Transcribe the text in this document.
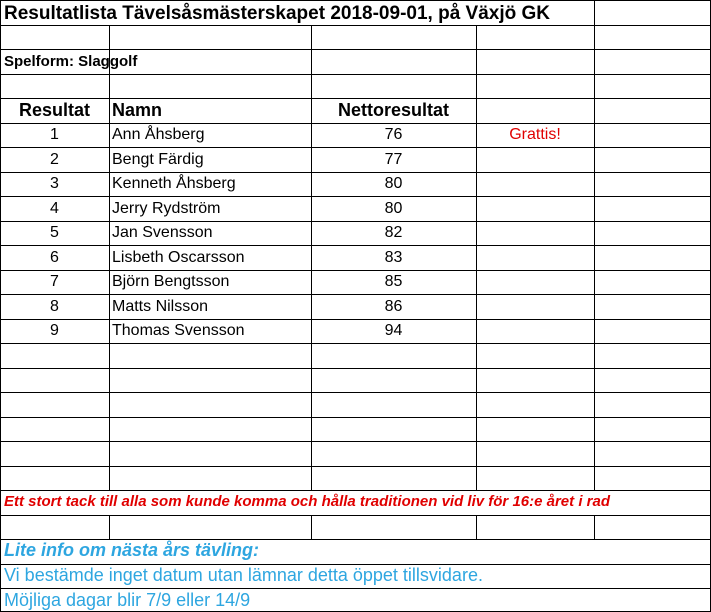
Resultatlista Tävelsåsmästerskapet 2018-09-01, på Växjö GK
Spelform: Slaggolf
Resultat	Namn	Nettoresultat
1	Ann Åhsberg	76	Grattis!
2	Bengt Färdig	77
3	Kenneth Åhsberg	80
4	Jerry Rydström	80
5	Jan Svensson	82
6	Lisbeth Oscarsson	83
7	Björn Bengtsson	85
8	Matts Nilsson	86
9	Thomas Svensson	94
Ett stort tack till alla som kunde komma och hålla traditionen vid liv för 16:e året i rad
Lite info om nästa års tävling:
Vi bestämde inget datum utan lämnar detta öppet tillsvidare.
Möjliga dagar blir 7/9 eller 14/9
